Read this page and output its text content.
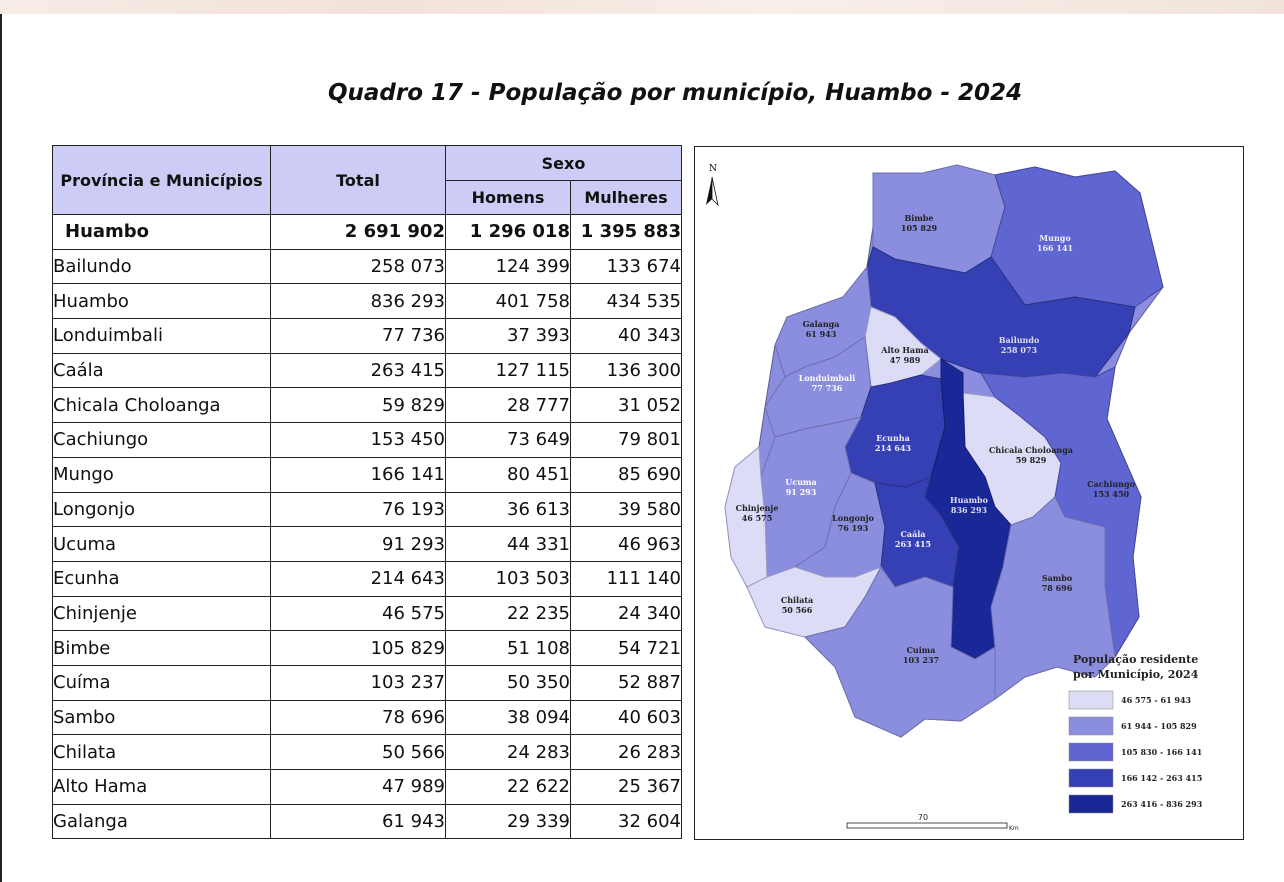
Quadro 17 - População por município, Huambo - 2024
Província e Municípios	Total	Sexo	
		Homens	Mulheres
Huambo	2 691 902	1 296 018	1 395 883
Bailundo	258 073	124 399	133 674
Huambo	836 293	401 758	434 535
Londuimbali	77 736	37 393	40 343
Caála	263 415	127 115	136 300
Chicala Choloanga	59 829	28 777	31 052
Cachiungo	153 450	73 649	79 801
Mungo	166 141	80 451	85 690
Longonjo	76 193	36 613	39 580
Ucuma	91 293	44 331	46 963
Ecunha	214 643	103 503	111 140
Chinjenje	46 575	22 235	24 340
Bimbe	105 829	51 108	54 721
Cuíma	103 237	50 350	52 887
Sambo	78 696	38 094	40 603
Chilata	50 566	24 283	26 283
Alto Hama	47 989	22 622	25 367
Galanga	61 943	29 339	32 604
N
Bimbe 105 829
Mungo 166 141
Bailundo 258 073
Galanga 61 943
Alto Hama 47 989
Londuimbali 77 736
Ecunha 214 643	Chicala Choloanga 59 829
Ucuma 91 293
Cachiungo 153 450
Huambo 836 293
Chinjenje 46 575	Longonjo 76 193
Caála 263 415
Sambo 78 696
Chilata 50 566
Cuima 103 237	População residente
por Município, 2024
46 575 - 61 943
61 944 - 105 829
105 830 - 166 141
166 142 - 263 415
263 416 - 836 293
70
Km
